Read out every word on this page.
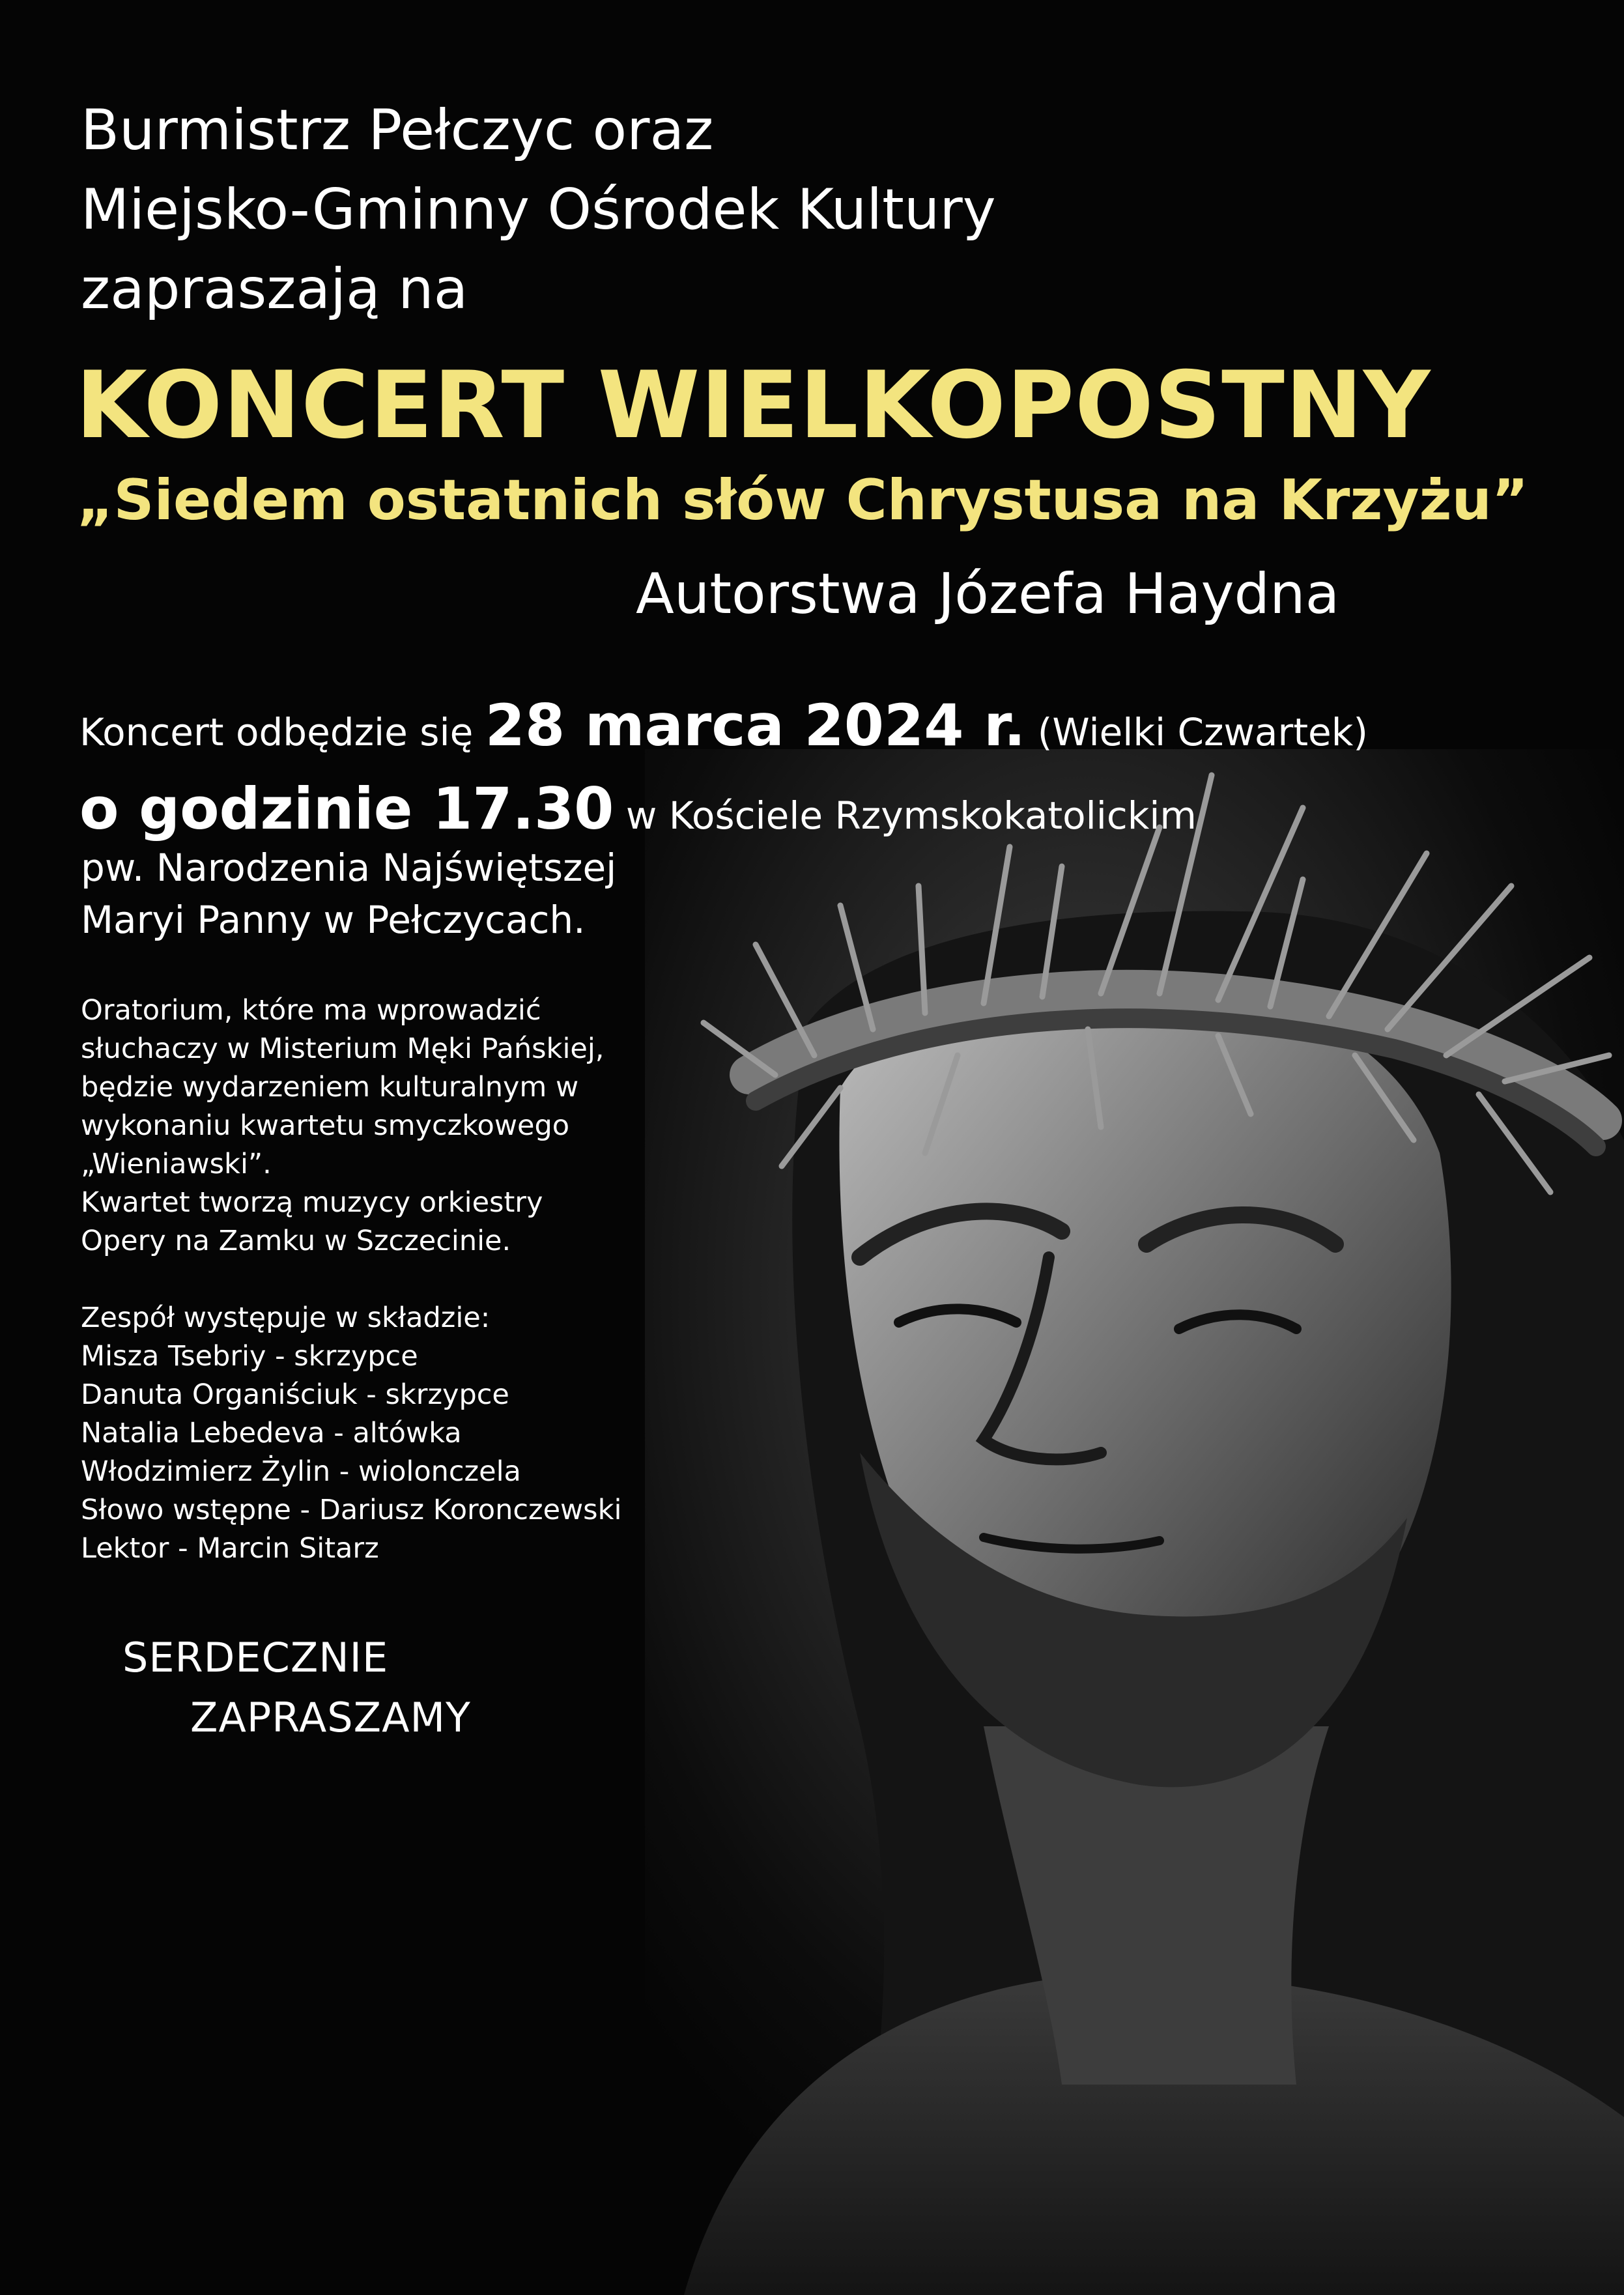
Burmistrz Pełczyc oraz
Miejsko-Gminny Ośrodek Kultury
zapraszają na
KONCERT WIELKOPOSTNY
„Siedem ostatnich słów Chrystusa na Krzyżu”
Autorstwa Józefa Haydna
Koncert odbędzie się 28 marca 2024 r. (Wielki Czwartek)
o godzinie 17.30 w Kościele Rzymskokatolickim
pw. Narodzenia Najświętszej
Maryi Panny w Pełczycach.
Oratorium, które ma wprowadzić
słuchaczy w Misterium Męki Pańskiej,
będzie wydarzeniem kulturalnym w
wykonaniu kwartetu smyczkowego
„Wieniawski”.
Kwartet tworzą muzycy orkiestry
Opery na Zamku w Szczecinie.
Zespół występuje w składzie:
Misza Tsebriy - skrzypce
Danuta Organiściuk - skrzypce
Natalia Lebedeva - altówka
Włodzimierz Żylin - wiolonczela
Słowo wstępne - Dariusz Koronczewski
Lektor - Marcin Sitarz
SERDECZNIE
ZAPRASZAMY
